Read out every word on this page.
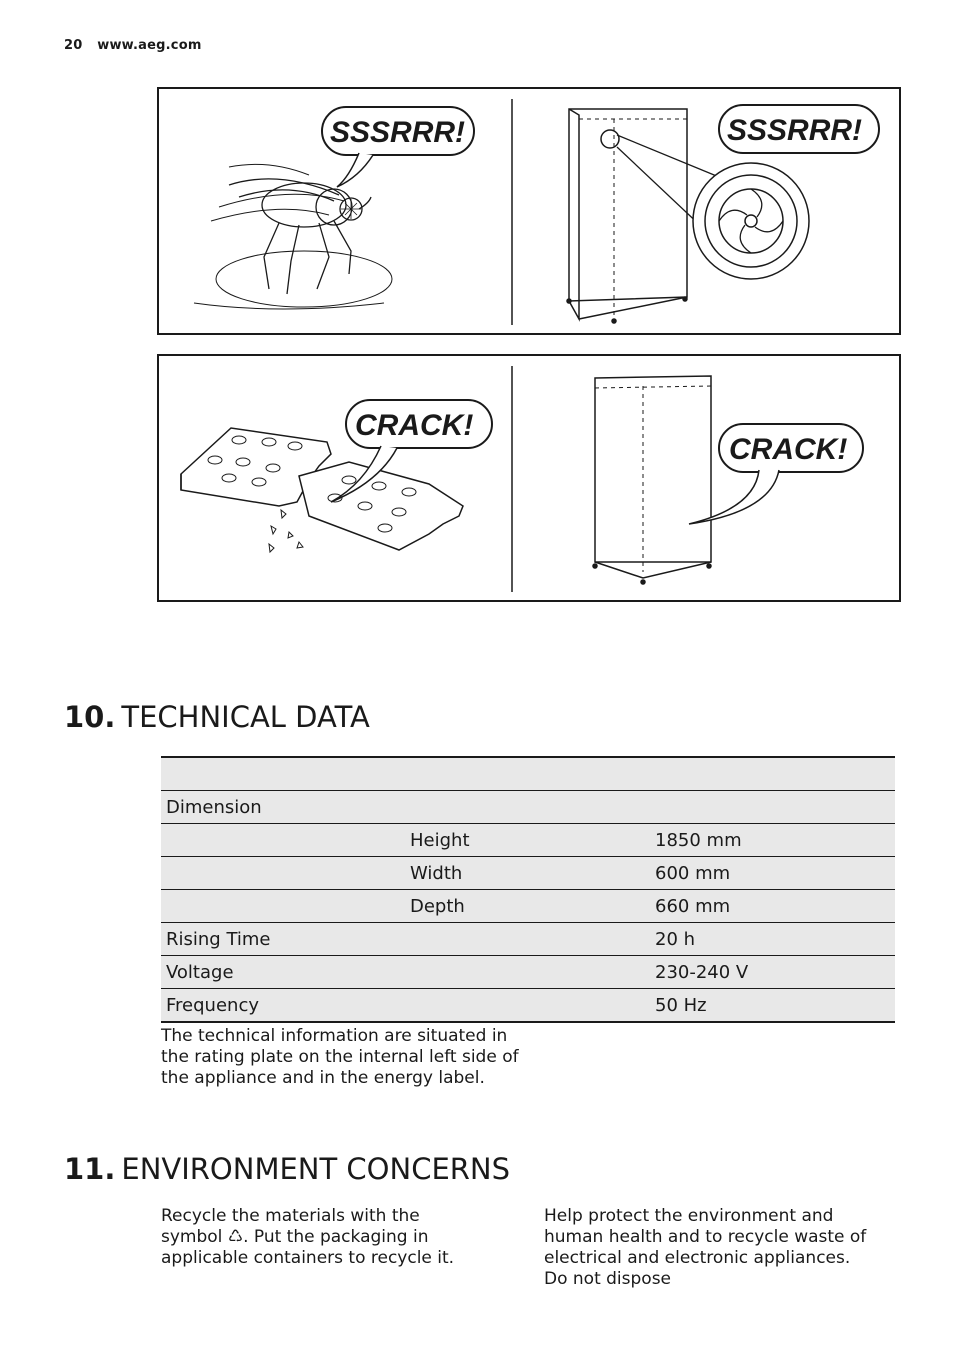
20 www.aeg.com
SSSRRR!	SSSRRR!
CRACK!
CRACK!
10. TECHNICAL DATA

Dimension		
	Height	1850 mm
	Width	600 mm
	Depth	660 mm
Rising Time		20 h
Voltage		230-240 V
Frequency		50 Hz
The technical information are situated in the rating plate on the internal left side of the appliance and in the energy label.
11. ENVIRONMENT CONCERNS
Recycle the materials with the symbol ♺. Put the packaging in applicable containers to recycle it.
Help protect the environment and human health and to recycle waste of electrical and electronic appliances. Do not dispose
